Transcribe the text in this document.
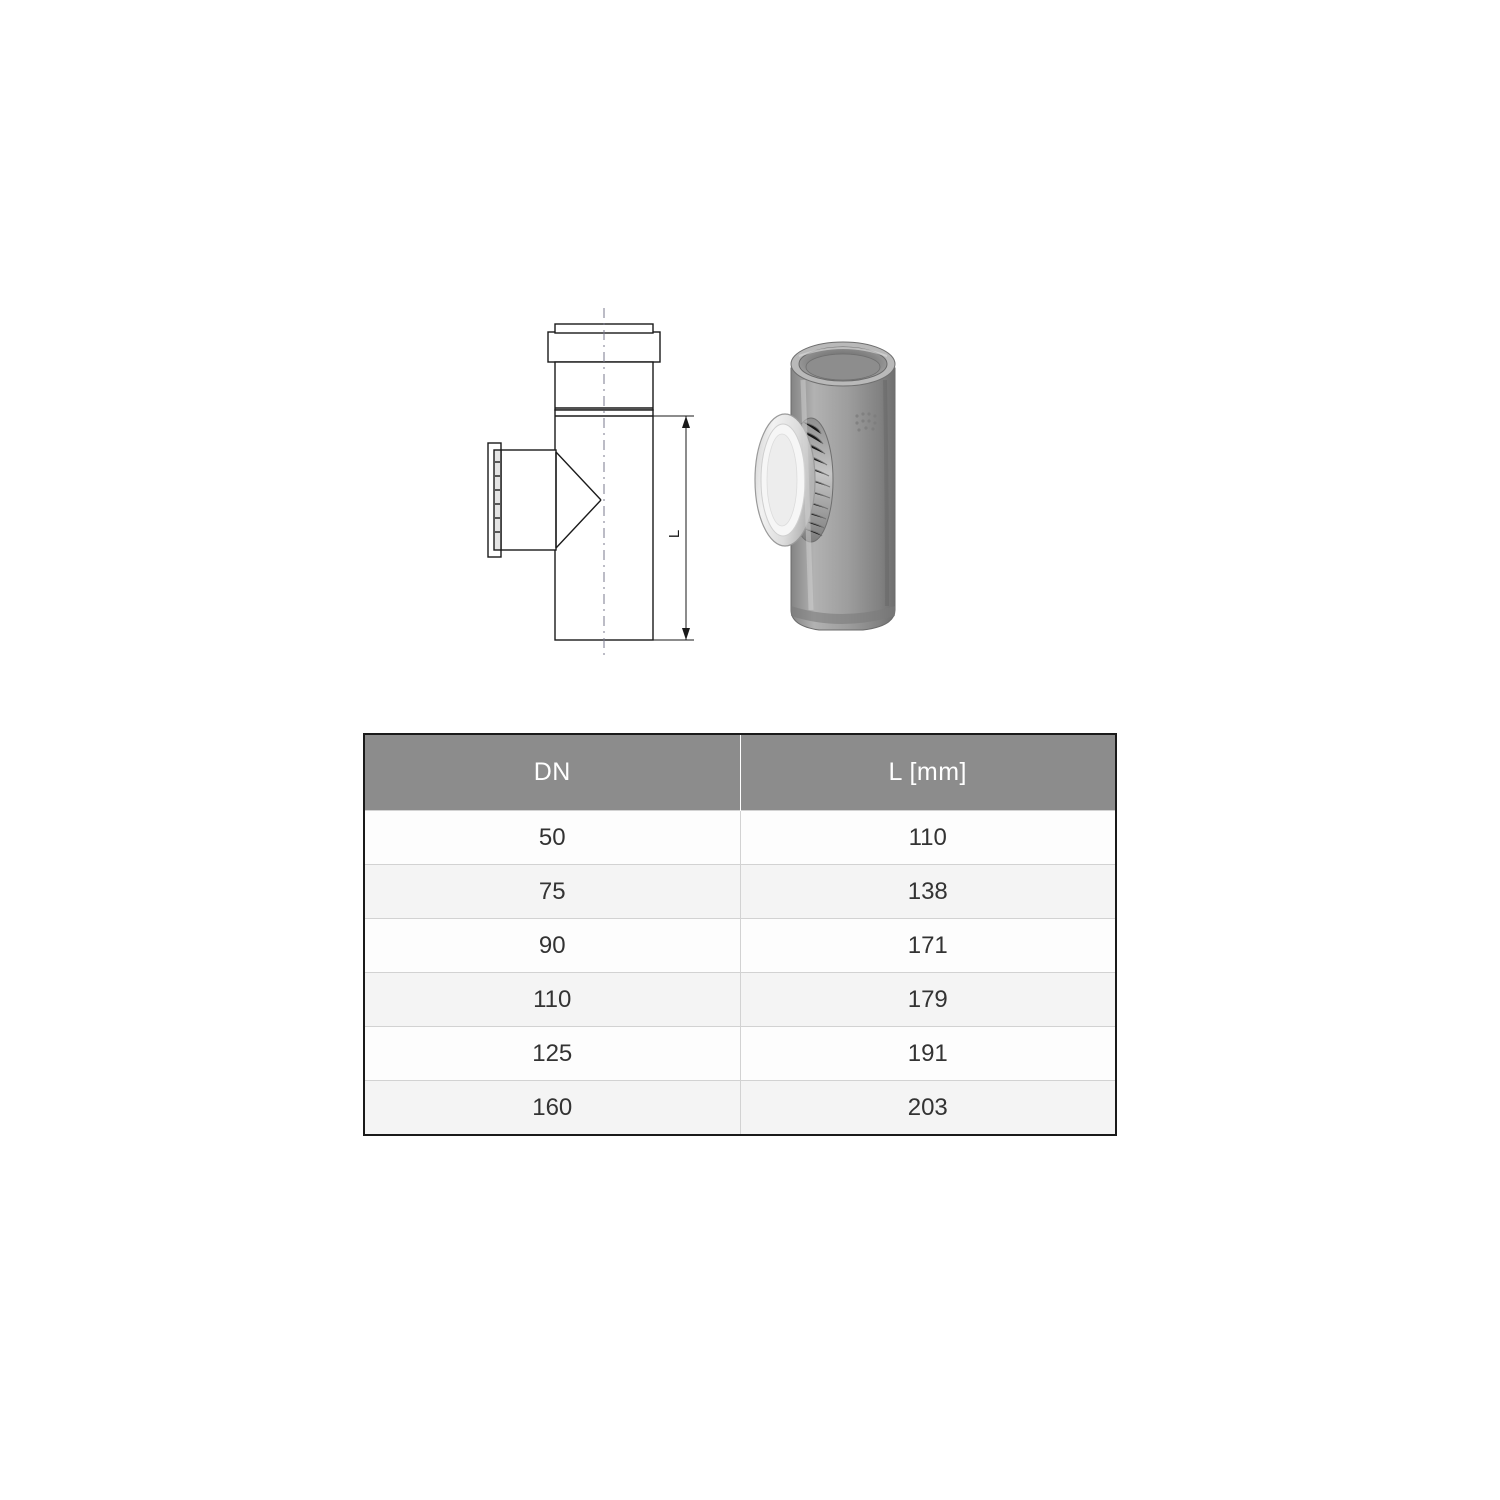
L
DN	L [mm]
50	110
75	138
90	171
110	179
125	191
160	203
